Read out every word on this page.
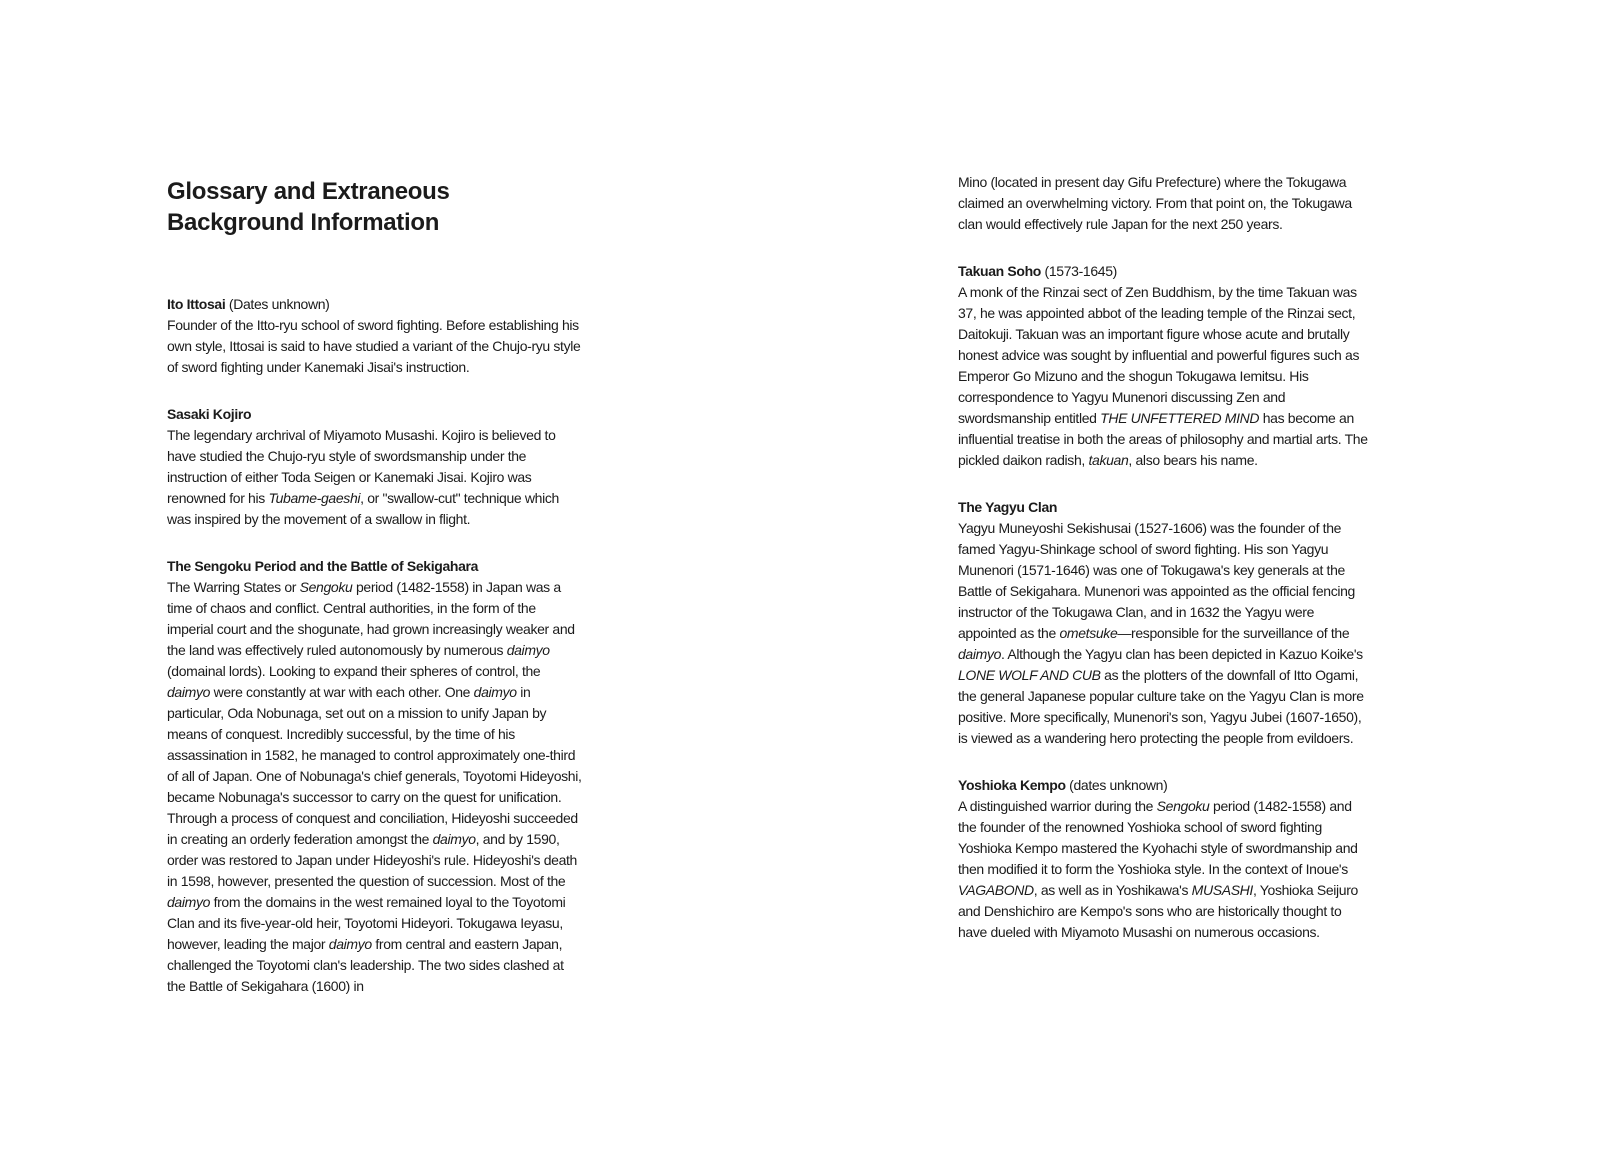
Glossary and Extraneous Background Information
Ito Ittosai (Dates unknown)

Founder of the Itto-ryu school of sword fighting. Before establishing his own style, Ittosai is said to have studied a variant of the Chujo-ryu style of sword fighting under Kanemaki Jisai's instruction.

Sasaki Kojiro

The legendary archrival of Miyamoto Musashi. Kojiro is believed to have studied the Chujo-ryu style of swordsmanship under the instruction of either Toda Seigen or Kanemaki Jisai. Kojiro was renowned for his Tubame-gaeshi, or "swallow-cut" technique which was inspired by the movement of a swallow in flight.

The Sengoku Period and the Battle of Sekigahara

The Warring States or Sengoku period (1482-1558) in Japan was a time of chaos and conflict. Central authorities, in the form of the imperial court and the shogunate, had grown increasingly weaker and the land was effectively ruled autonomously by numerous daimyo (domainal lords). Looking to expand their spheres of control, the daimyo were constantly at war with each other. One daimyo in particular, Oda Nobunaga, set out on a mission to unify Japan by means of conquest. Incredibly successful, by the time of his assassination in 1582, he managed to control approximately one-third of all of Japan. One of Nobunaga's chief generals, Toyotomi Hideyoshi, became Nobunaga's successor to carry on the quest for unification. Through a process of conquest and conciliation, Hideyoshi succeeded in creating an orderly federation amongst the daimyo, and by 1590, order was restored to Japan under Hideyoshi's rule. Hideyoshi's death in 1598, however, presented the question of succession. Most of the daimyo from the domains in the west remained loyal to the Toyotomi Clan and its five-year-old heir, Toyotomi Hideyori. Tokugawa Ieyasu, however, leading the major daimyo from central and eastern Japan, challenged the Toyotomi clan's leadership. The two sides clashed at the Battle of Sekigahara (1600) in

Mino (located in present day Gifu Prefecture) where the Tokugawa claimed an overwhelming victory. From that point on, the Tokugawa clan would effectively rule Japan for the next 250 years.

Takuan Soho (1573-1645)

A monk of the Rinzai sect of Zen Buddhism, by the time Takuan was 37, he was appointed abbot of the leading temple of the Rinzai sect, Daitokuji. Takuan was an important figure whose acute and brutally honest advice was sought by influential and powerful figures such as Emperor Go Mizuno and the shogun Tokugawa Iemitsu. His correspondence to Yagyu Munenori discussing Zen and swordsmanship entitled THE UNFETTERED MIND has become an influential treatise in both the areas of philosophy and martial arts. The pickled daikon radish, takuan, also bears his name.

The Yagyu Clan

Yagyu Muneyoshi Sekishusai (1527-1606) was the founder of the famed Yagyu-Shinkage school of sword fighting. His son Yagyu Munenori (1571-1646) was one of Tokugawa's key generals at the Battle of Sekigahara. Munenori was appointed as the official fencing instructor of the Tokugawa Clan, and in 1632 the Yagyu were appointed as the ometsuke—responsible for the surveillance of the daimyo. Although the Yagyu clan has been depicted in Kazuo Koike's LONE WOLF AND CUB as the plotters of the downfall of Itto Ogami, the general Japanese popular culture take on the Yagyu Clan is more positive. More specifically, Munenori's son, Yagyu Jubei (1607-1650), is viewed as a wandering hero protecting the people from evildoers.

Yoshioka Kempo (dates unknown)

A distinguished warrior during the Sengoku period (1482-1558) and the founder of the renowned Yoshioka school of sword fighting Yoshioka Kempo mastered the Kyohachi style of swordmanship and then modified it to form the Yoshioka style. In the context of Inoue's VAGABOND, as well as in Yoshikawa's MUSASHI, Yoshioka Seijuro and Denshichiro are Kempo's sons who are historically thought to have dueled with Miyamoto Musashi on numerous occasions.
